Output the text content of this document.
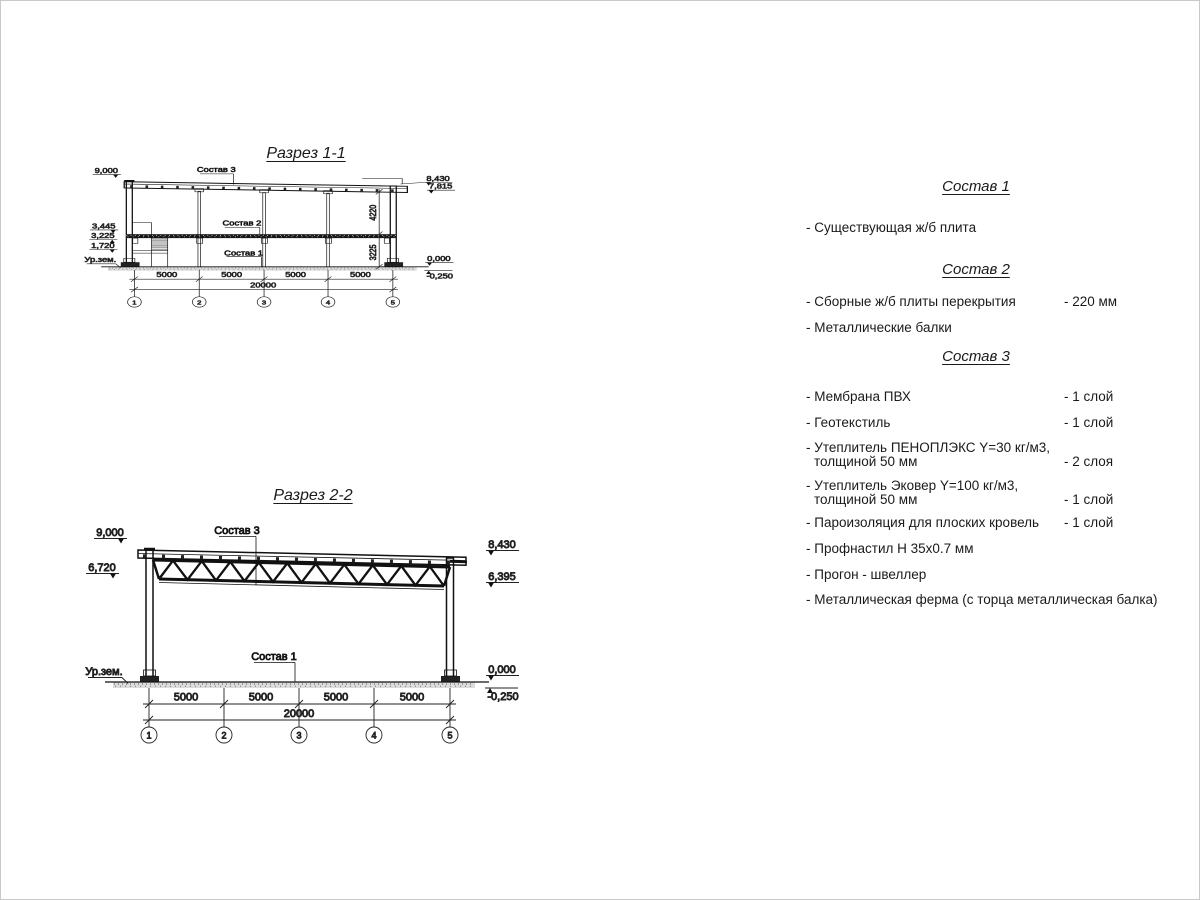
Разрез 1-1
Состав 3
Состав 2
Состав 1
9,000
3,445
3,225
1,720
Ур.зем.
8,430
7,815
0,000
-0,250
4220
3225
5000	5000	5000	5000
20000
1	2	3	4	5
Разрез 2-2
Состав 3
Состав 1
9,000
6,720
Ур.зем.
8,430
6,395
0,000
-0,250
5000	5000	5000	5000
20000
1	2	3	4	5
Состав 1
- Существующая ж/б плита
Состав 2
- Сборные ж/б плиты перекрытия	- 220 мм
- Металлические балки
Состав 3
- Мембрана ПВХ	- 1 слой
- Геотекстиль	- 1 слой
- Утеплитель ПЕНОПЛЭКС Y=30 кг/м3,
толщиной 50 мм	- 2 слоя
- Утеплитель Эковер Y=100 кг/м3,
толщиной 50 мм	- 1 слой
- Пароизоляция для плоских кровель - 1 слой
- Профнастил Н 35х0.7 мм
- Прогон - швеллер
- Металлическая ферма (с торца металлическая балка)
